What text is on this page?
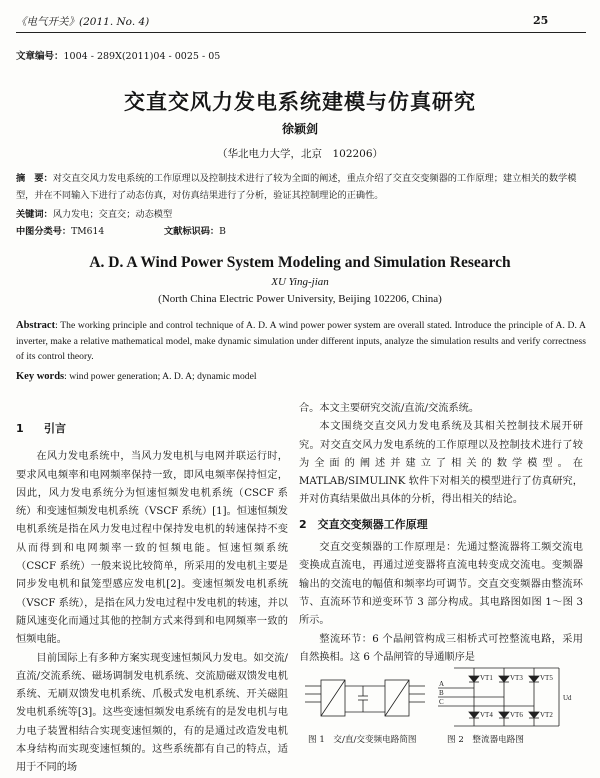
《电气开关》(2011. No. 4)	25
文章编号：1004 - 289X(2011)04 - 0025 - 05
交直交风力发电系统建模与仿真研究
徐颖剑
（华北电力大学，北京　102206）
摘　要：对交直交风力发电系统的工作原理以及控制技术进行了较为全面的阐述，重点介绍了交直交变频器的工作原理；建立相关的数学模型，并在不同输入下进行了动态仿真，对仿真结果进行了分析，验证其控制理论的正确性。
关键词：风力发电；交直交；动态模型
中图分类号：TM614	文献标识码：B
A. D. A Wind Power System Modeling and Simulation Research
XU Ying-jian
(North China Electric Power University, Beijing 102206, China)
Abstract: The working principle and control technique of A. D. A wind power power system are overall stated. Introduce the principle of A. D. A inverter, make a relative mathematical model, make dynamic simulation under different inputs, analyze the simulation results and verify correctness of its control theory.
Key words: wind power generation; A. D. A; dynamic model
1 引言

在风力发电系统中，当风力发电机与电网并联运行时，要求风电频率和电网频率保持一致，即风电频率保持恒定，因此，风力发电系统分为恒速恒频发电机系统（CSCF 系统）和变速恒频发电机系统（VSCF 系统）[1]。恒速恒频发电机系统是指在风力发电过程中保持发电机的转速保持不变从而得到和电网频率一致的恒频电能。恒速恒频系统（CSCF 系统）一般来说比较简单，所采用的发电机主要是同步发电机和鼠笼型感应发电机[2]。变速恒频发电机系统（VSCF 系统），是指在风力发电过程中发电机的转速，并以随风速变化而通过其他的控制方式来得到和电网频率一致的恒频电能。

目前国际上有多种方案实现变速恒频风力发电。如交流/直流/交流系统、磁场调制发电机系统、交流励磁双馈发电机系统、无刷双馈发电机系统、爪极式发电机系统、开关磁阻发电机系统等[3]。这些变速恒频发电系统有的是发电机与电力电子装置相结合实现变速恒频的，有的是通过改造发电机本身结构而实现变速恒频的。这些系统都有自己的特点，适用于不同的场

合。本文主要研究交流/直流/交流系统。

本文围绕交直交风力发电系统及其相关控制技术展开研究。对交直交风力发电系统的工作原理以及控制技术进行了较为全面的阐述并建立了相关的数学模型。在 MATLAB/SIMULINK 软件下对相关的模型进行了仿真研究，并对仿真结果做出具体的分析，得出相关的结论。

2　 交直交变频器工作原理

交直交变频器的工作原理是：先通过整流器将工频交流电变换成直流电，再通过逆变器将直流电转变成交流电。变频器输出的交流电的幅值和频率均可调节。交直交变频器由整流环节、直流环节和逆变环节 3 部分构成。其电路图如图 1～图 3 所示。

整流环节：6 个晶闸管构成三相桥式可控整流电路，采用自然换相。这 6 个晶闸管的导通顺序是

图 1　交/直/交变频电路简图
A
B
C
VT1 VT3 VT5
VT4 VT6 VT2
Ud
图 2　整流器电路图
